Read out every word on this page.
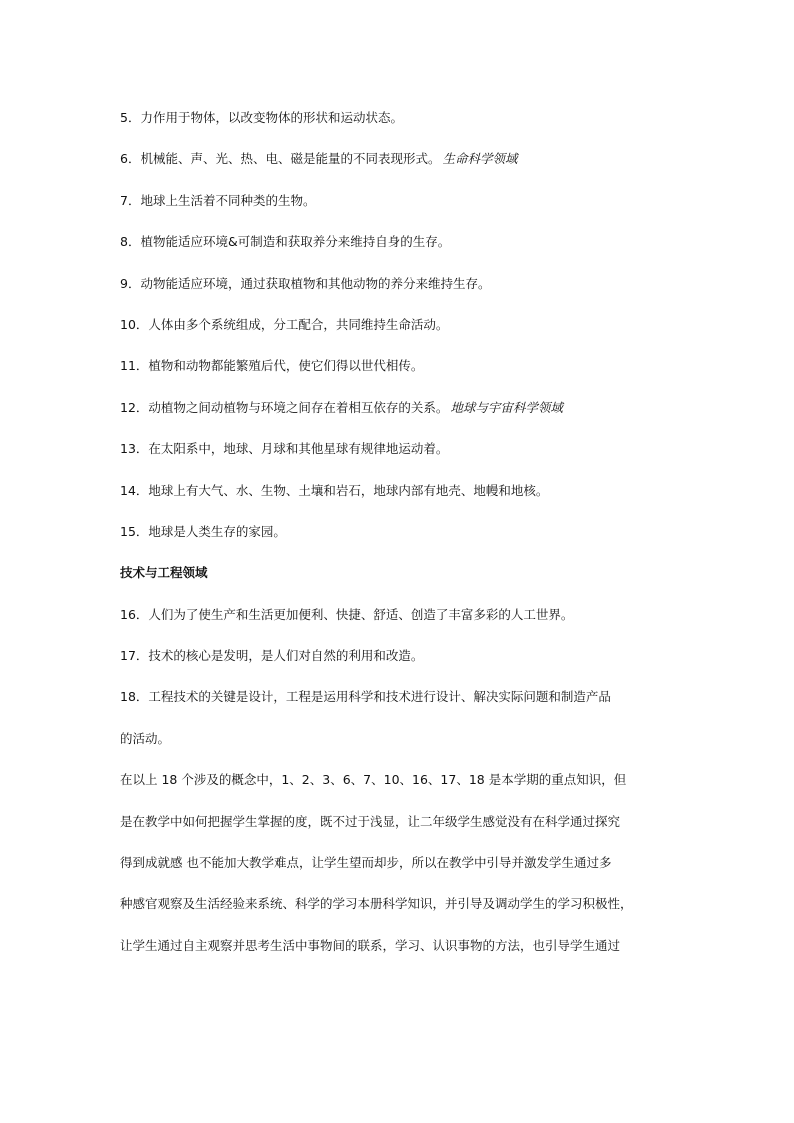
5．力作用于物体，以改变物体的形状和运动状态。
6．机械能、声、光、热、电、磁是能量的不同表现形式。 生命科学领域
7．地球上生活着不同种类的生物。
8．植物能适应环境&可制造和获取养分来维持自身的生存。
9．动物能适应环境，通过获取植物和其他动物的养分来维持生存。
10．人体由多个系统组成，分工配合，共同维持生命活动。
11．植物和动物都能繁殖后代，使它们得以世代相传。
12．动植物之间动植物与环境之间存在着相互依存的关系。 地球与宇宙科学领域
13．在太阳系中，地球、月球和其他星球有规律地运动着。
14．地球上有大气、水、生物、土壤和岩石，地球内部有地壳、地幔和地核。
15．地球是人类生存的家园。
技术与工程领域
16．人们为了使生产和生活更加便利、快捷、舒适、创造了丰富多彩的人工世界。
17．技术的核心是发明，是人们对自然的利用和改造。
18．工程技术的关键是设计，工程是运用科学和技术进行设计、解决实际问题和制造产品
的活动。
在以上 18 个涉及的概念中，1、2、3、6、7、10、16、17、18 是本学期的重点知识，但
是在教学中如何把握学生掌握的度，既不过于浅显，让二年级学生感觉没有在科学通过探究
得到成就感 也不能加大教学难点，让学生望而却步，所以在教学中引导并激发学生通过多
种感官观察及生活经验来系统、科学的学习本册科学知识，并引导及调动学生的学习积极性，
让学生通过自主观察并思考生活中事物间的联系，学习、认识事物的方法，也引导学生通过
